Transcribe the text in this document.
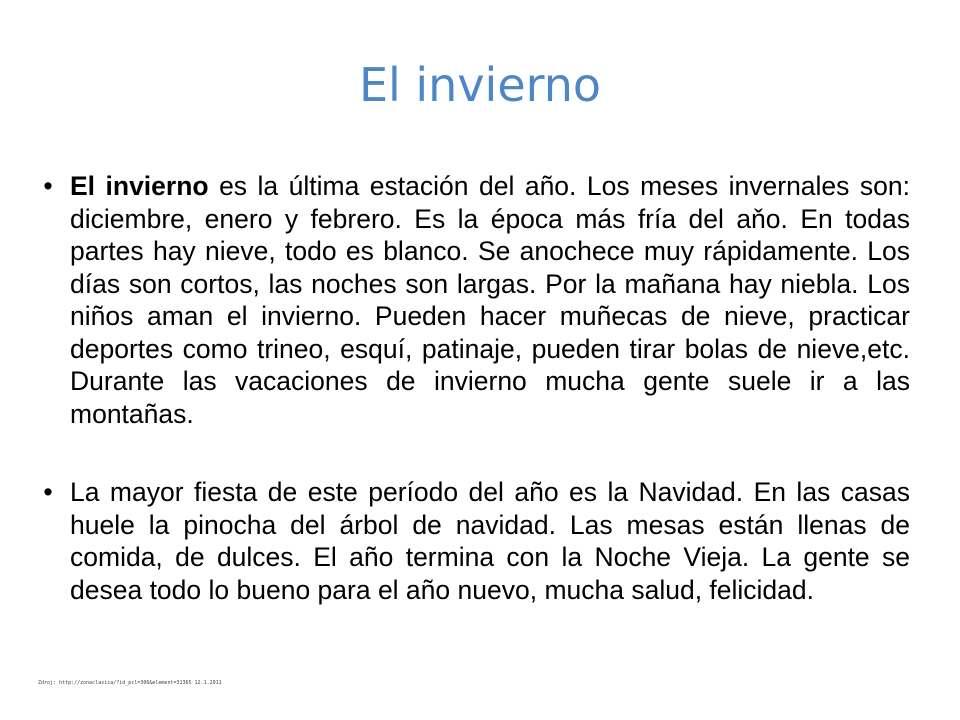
El invierno
• El invierno es la última estación del año. Los meses invernales son: diciembre, enero y febrero. Es la época más fría del aňo. En todas partes hay nieve, todo es blanco. Se anochece muy rápidamente. Los días son cortos, las noches son largas. Por la mañana hay niebla. Los niños aman el invierno. Pueden hacer muñecas de nieve, practicar deportes como trineo, esquí, patinaje, pueden tirar bolas de nieve,etc. Durante las vacaciones de invierno mucha gente suele ir a las montañas.
• La mayor fiesta de este período del año es la Navidad. En las casas huele la pinocha del árbol de navidad. Las mesas están llenas de comida, de dulces. El año termina con la Noche Vieja. La gente se desea todo lo bueno para el año nuevo, mucha salud, felicidad.
Zdroj: http://zonaclasica/?id_pcl=306&element=31365 12.1.2011
